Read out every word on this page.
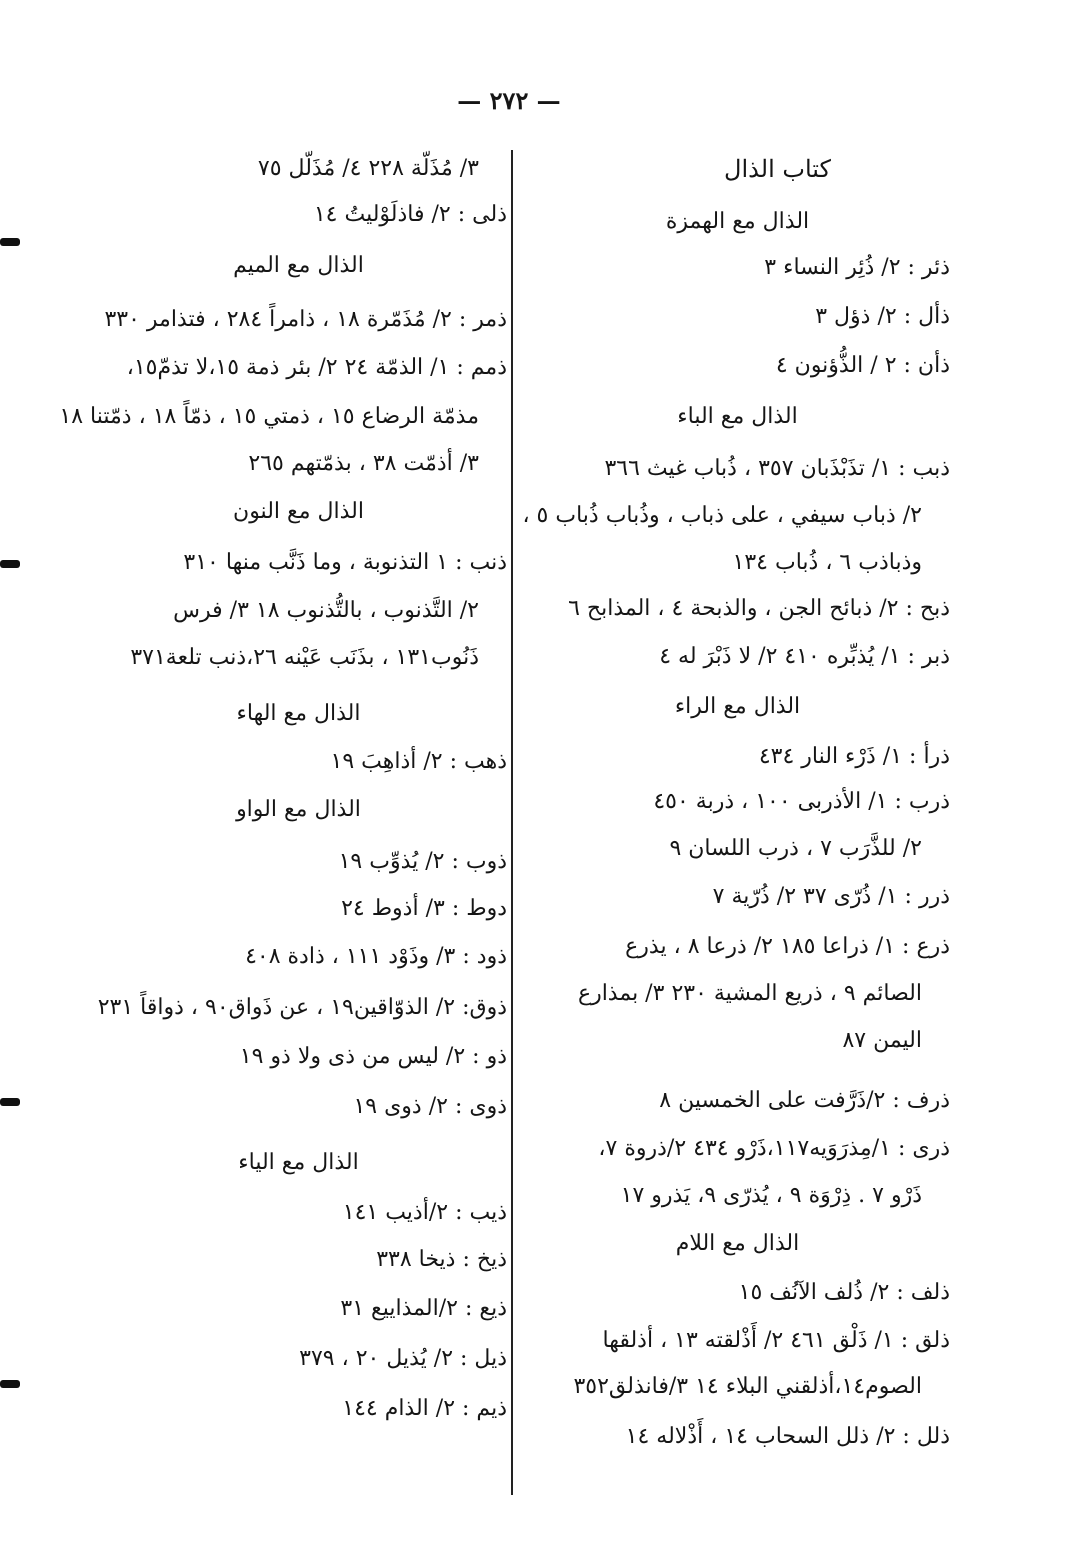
— ٢٧٢ —
كتاب الذال
الذال مع الهمزة
ذئر : ٢/ ذُئِر النساء ٣
ذأل : ٢/ ذؤل ٣
ذأن : ٢ / الذُّؤنون ٤
الذال مع الباء
ذبب : ١/ تذَبْذَبان ٣٥٧ ، ذُباب غيث ٣٦٦
٢/ ذباب سيفي ، على ذباب ، وذُباب ذُباب ٥ ،
وذباذب ٦ ، ذُباب ١٣٤
ذبح : ٢/ ذبائح الجن ، والذبحة ٤ ، المذابح ٦
ذبر : ١/ يُذبِّره ٤١٠ ٢/ لا ذَبْرَ له ٤
الذال مع الراء
ذرأ : ١/ ذَرْء النار ٤٣٤
ذرب : ١/ الأذربى ١٠٠ ، ذربة ٤٥٠
٢/ للذَّرَب ٧ ، ذرب اللسان ٩
ذرر : ١/ ذُرّى ٣٧ ٢/ ذُرّية ٧
ذرع : ١/ ذراعا ١٨٥ ٢/ ذرعا ٨ ، يذرع
الصائم ٩ ، ذريع المشية ٢٣٠ ٣/ بمذارع
اليمن ٨٧
ذرف : ٢/ذَرَّفت على الخمسين ٨
ذرى : ١/مِذرَوَيه١١٧،ذَرْو ٤٣٤ ٢/ذروة ٧،
ذَرْو ٧ . ذِرْوَة ٩ ، يُذرّى ٩، يَذرو ١٧
الذال مع اللام
ذلف : ٢/ ذُلف الآنُف ١٥
ذلق : ١/ ذَلْق ٤٦١ ٢/ أَذْلقته ١٣ ، أذلقها
الصوم١٤،أذلقني البلاء ١٤ ٣/فانذلق٣٥٢
ذلل : ٢/ ذلل السحاب ١٤ ، أَذْلاله ١٤
٣/ مُذَلّة ٢٢٨ ٤/ مُذَلّل ٧٥
ذلى : ٢/ فاذلَوْليتُ ١٤
الذال مع الميم
ذمر : ٢/ مُذَمّرة ١٨ ، ذامراً ٢٨٤ ، فتذامر ٣٣٠
ذمم : ١/ الذمّة ٢٤ ٢/ بئر ذمة ١٥،لا تذمّ١٥،
مذمّة الرضاع ١٥ ، ذمتي ١٥ ، ذمّاً ١٨ ، ذمّتنا ١٨
٣/ أذمّت ٣٨ ، بذمّتهم ٢٦٥
الذال مع النون
ذنب : ١ التذنوبة ، وما ذَنَّب منها ٣١٠
٢/ التَّذنوب ، بالتُّذنوب ١٨ ٣/ فرس
ذَنُوب١٣١ ، بذَنَب عَيْنه ٢٦،ذنب تلعة٣٧١
الذال مع الهاء
ذهب : ٢/ أذاهِبَ ١٩
الذال مع الواو
ذوب : ٢/ يُذوِّب ١٩
دوط : ٣/ أذوط ٢٤
ذود : ٣/ وذَوْد ١١١ ، ذادة ٤٠٨
ذوق: ٢/ الذوّاقين١٩ ، عن ذَواق٩٠ ، ذواقاً ٢٣١
ذو : ٢/ ليس من ذى ولا ذو ١٩
ذوى : ٢/ ذوى ١٩
الذال مع الياء
ذيب : ٢/أذيب ١٤١
ذيخ : ذيخا ٣٣٨
ذيع : ٢/المذاييع ٣١
ذيل : ٢/ يُذيل ٢٠ ، ٣٧٩
ذيم : ٢/ الذام ١٤٤
